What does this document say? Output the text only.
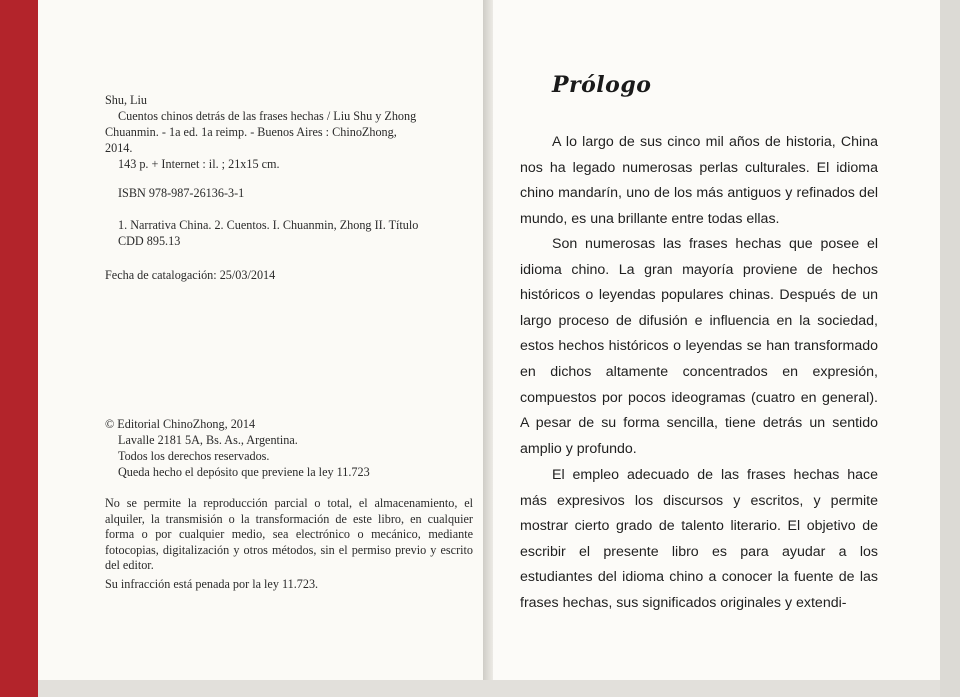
Shu, Liu
Cuentos chinos detrás de las frases hechas / Liu Shu y Zhong
Chuanmin. - 1a ed. 1a reimp. - Buenos Aires : ChinoZhong,
2014.
143 p. + Internet : il. ; 21x15 cm.
ISBN 978-987-26136-3-1
1. Narrativa China. 2. Cuentos. I. Chuanmin, Zhong II. Título
CDD 895.13
Fecha de catalogación: 25/03/2014
© Editorial ChinoZhong, 2014
Lavalle 2181 5A, Bs. As., Argentina.
Todos los derechos reservados.
Queda hecho el depósito que previene la ley 11.723
No se permite la reproducción parcial o total, el almacenamiento, el alquiler, la transmisión o la transformación de este libro, en cualquier forma o por cualquier medio, sea electrónico o mecánico, mediante fotocopias, digitalización y otros métodos, sin el permiso previo y escrito del editor.
Su infracción está penada por la ley 11.723.
Prólogo

A lo largo de sus cinco mil años de historia, China nos ha legado numerosas perlas culturales. El idioma chino mandarín, uno de los más antiguos y refinados del mundo, es una brillante entre todas ellas.

Son numerosas las frases hechas que posee el idioma chino. La gran mayoría proviene de hechos históricos o leyendas populares chinas. Después de un largo proceso de difusión e influencia en la sociedad, estos hechos históricos o leyendas se han transformado en dichos altamente concentrados en expresión, compuestos por pocos ideogramas (cuatro en general). A pesar de su forma sencilla, tiene detrás un sentido amplio y profundo.

El empleo adecuado de las frases hechas hace más expresivos los discursos y escritos, y permite mostrar cierto grado de talento literario. El objetivo de escribir el presente libro es para ayudar a los estudiantes del idioma chino a conocer la fuente de las frases hechas, sus significados originales y extendi-
